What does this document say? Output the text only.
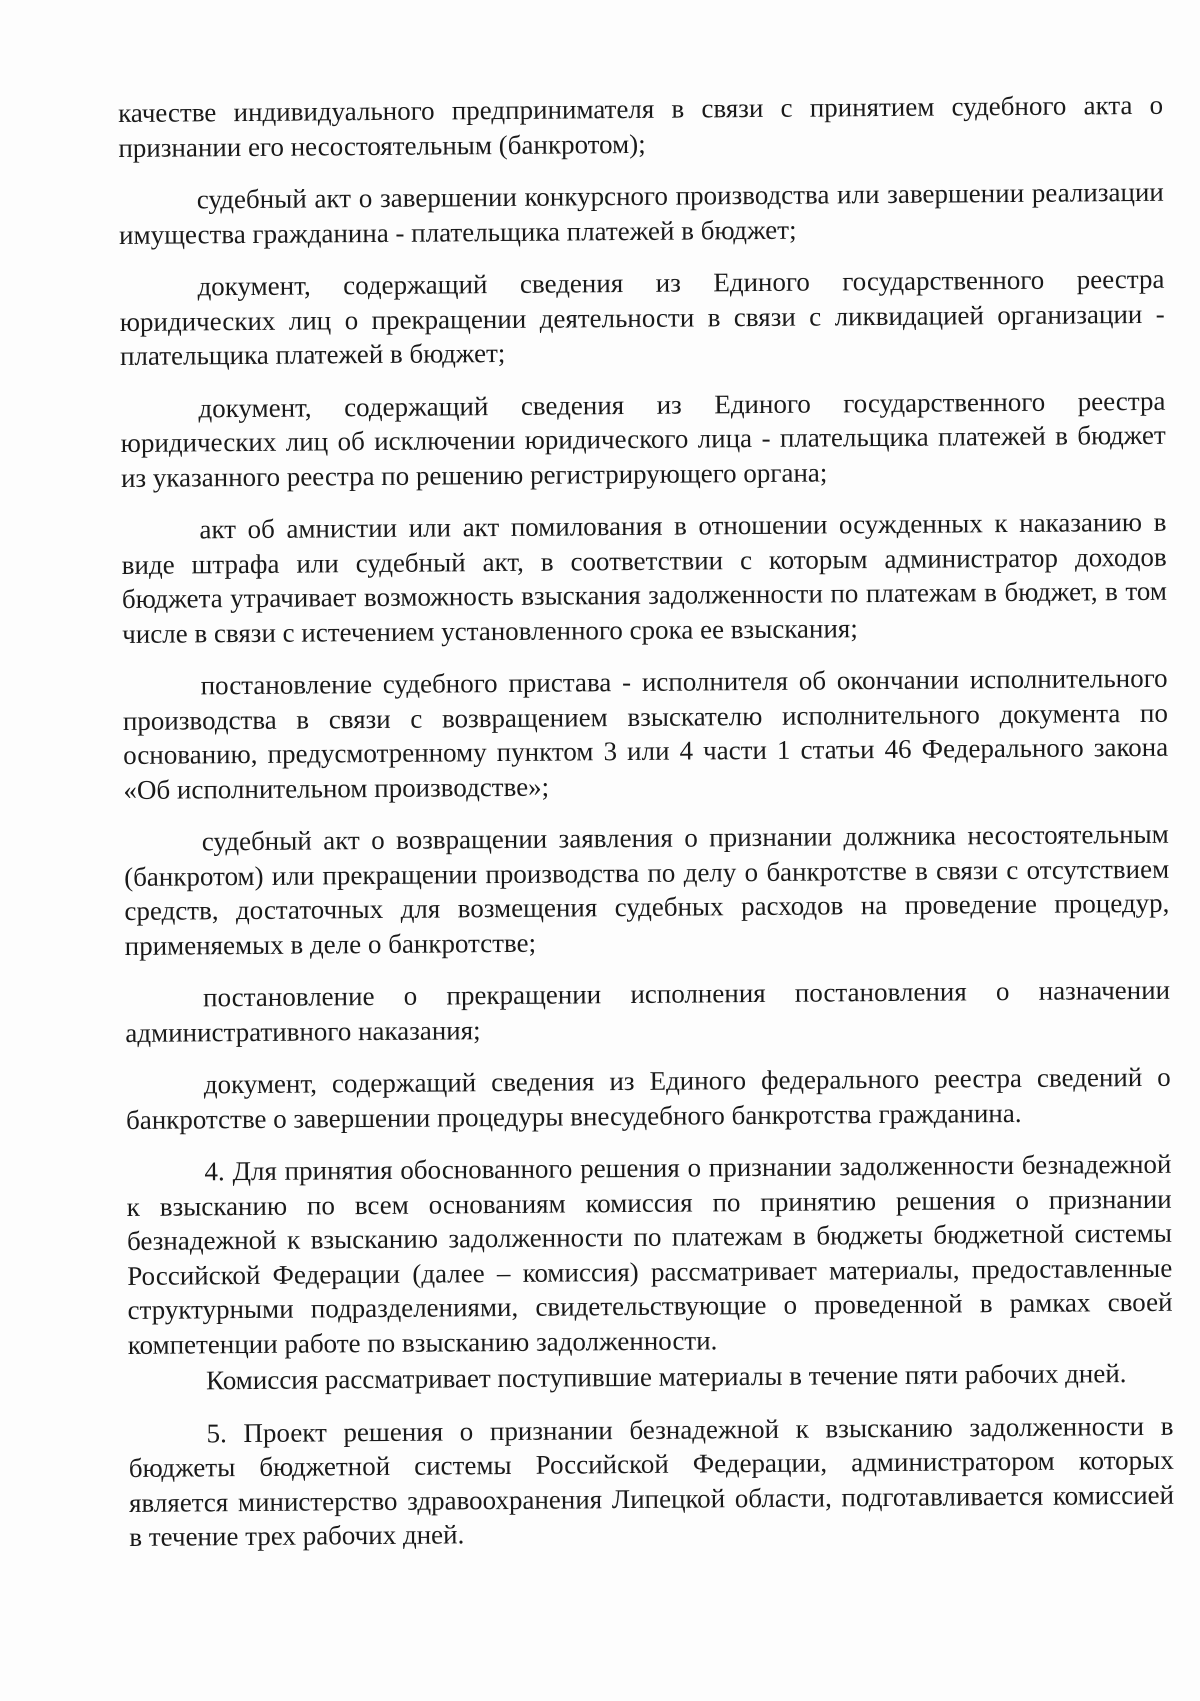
качестве индивидуального предпринимателя в связи с принятием судебного акта о признании его несостоятельным (банкротом);

судебный акт о завершении конкурсного производства или завершении реализации имущества гражданина - плательщика платежей в бюджет;

документ, содержащий сведения из Единого государственного реестра юридических лиц о прекращении деятельности в связи с ликвидацией организации - плательщика платежей в бюджет;

документ, содержащий сведения из Единого государственного реестра юридических лиц об исключении юридического лица - плательщика платежей в бюджет из указанного реестра по решению регистрирующего органа;

акт об амнистии или акт помилования в отношении осужденных к наказанию в виде штрафа или судебный акт, в соответствии с которым администратор доходов бюджета утрачивает возможность взыскания задолженности по платежам в бюджет, в том числе в связи с истечением установленного срока ее взыскания;

постановление судебного пристава - исполнителя об окончании исполнительного производства в связи с возвращением взыскателю исполнительного документа по основанию, предусмотренному пунктом 3 или 4 части 1 статьи 46 Федерального закона «Об исполнительном производстве»;

судебный акт о возвращении заявления о признании должника несостоятельным (банкротом) или прекращении производства по делу о банкротстве в связи с отсутствием средств, достаточных для возмещения судебных расходов на проведение процедур, применяемых в деле о банкротстве;

постановление о прекращении исполнения постановления о назначении административного наказания;

документ, содержащий сведения из Единого федерального реестра сведений о банкротстве о завершении процедуры внесудебного банкротства гражданина.

4. Для принятия обоснованного решения о признании задолженности безнадежной к взысканию по всем основаниям комиссия по принятию решения о признании безнадежной к взысканию задолженности по платежам в бюджеты бюджетной системы Российской Федерации (далее – комиссия) рассматривает материалы, предоставленные структурными подразделениями, свидетельствующие о проведенной в рамках своей компетенции работе по взысканию задолженности.

Комиссия рассматривает поступившие материалы в течение пяти рабочих дней.

5. Проект решения о признании безнадежной к взысканию задолженности в бюджеты бюджетной системы Российской Федерации, администратором которых является министерство здравоохранения Липецкой области, подготавливается комиссией в течение трех рабочих дней.
